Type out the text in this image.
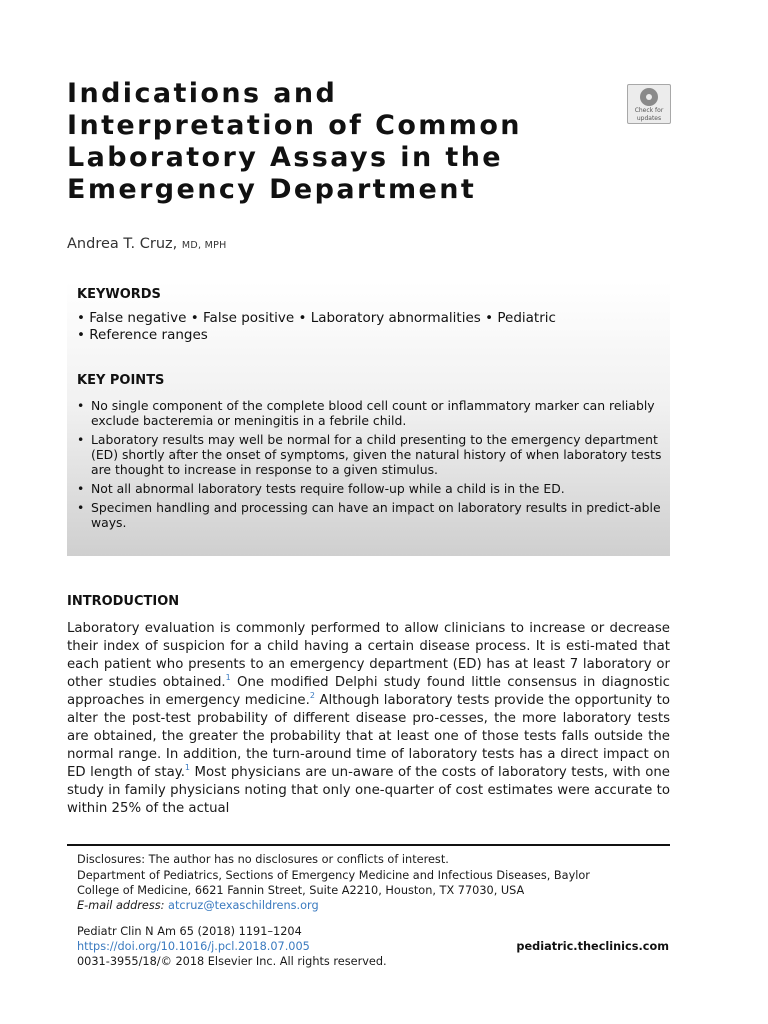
Indications and
Interpretation of Common
Laboratory Assays in the
Emergency Department
Check for
updates
Andrea T. Cruz, MD, MPH
KEYWORDS
• False negative • False positive • Laboratory abnormalities • Pediatric
• Reference ranges
KEY POINTS
• No single component of the complete blood cell count or inflammatory marker can reliably exclude bacteremia or meningitis in a febrile child.
• Laboratory results may well be normal for a child presenting to the emergency department (ED) shortly after the onset of symptoms, given the natural history of when laboratory tests are thought to increase in response to a given stimulus.
• Not all abnormal laboratory tests require follow-up while a child is in the ED.
• Specimen handling and processing can have an impact on laboratory results in predict-able ways.
INTRODUCTION

Laboratory evaluation is commonly performed to allow clinicians to increase or decrease their index of suspicion for a child having a certain disease process. It is esti-mated that each patient who presents to an emergency department (ED) has at least 7 laboratory or other studies obtained.$^1$ One modified Delphi study found little consensus in diagnostic approaches in emergency medicine.$^2$ Although laboratory tests provide the opportunity to alter the post-test probability of different disease pro-cesses, the more laboratory tests are obtained, the greater the probability that at least one of those tests falls outside the normal range. In addition, the turn-around time of laboratory tests has a direct impact on ED length of stay.$^1$ Most physicians are un-aware of the costs of laboratory tests, with one study in family physicians noting that only one-quarter of cost estimates were accurate to within 25% of the actual

Disclosures: The author has no disclosures or conflicts of interest.
Department of Pediatrics, Sections of Emergency Medicine and Infectious Diseases, Baylor
College of Medicine, 6621 Fannin Street, Suite A2210, Houston, TX 77030, USA
E-mail address: atcruz@texaschildrens.org
Pediatr Clin N Am 65 (2018) 1191–1204
https://doi.org/10.1016/j.pcl.2018.07.005
0031-3955/18/© 2018 Elsevier Inc. All rights reserved.
pediatric.theclinics.com
